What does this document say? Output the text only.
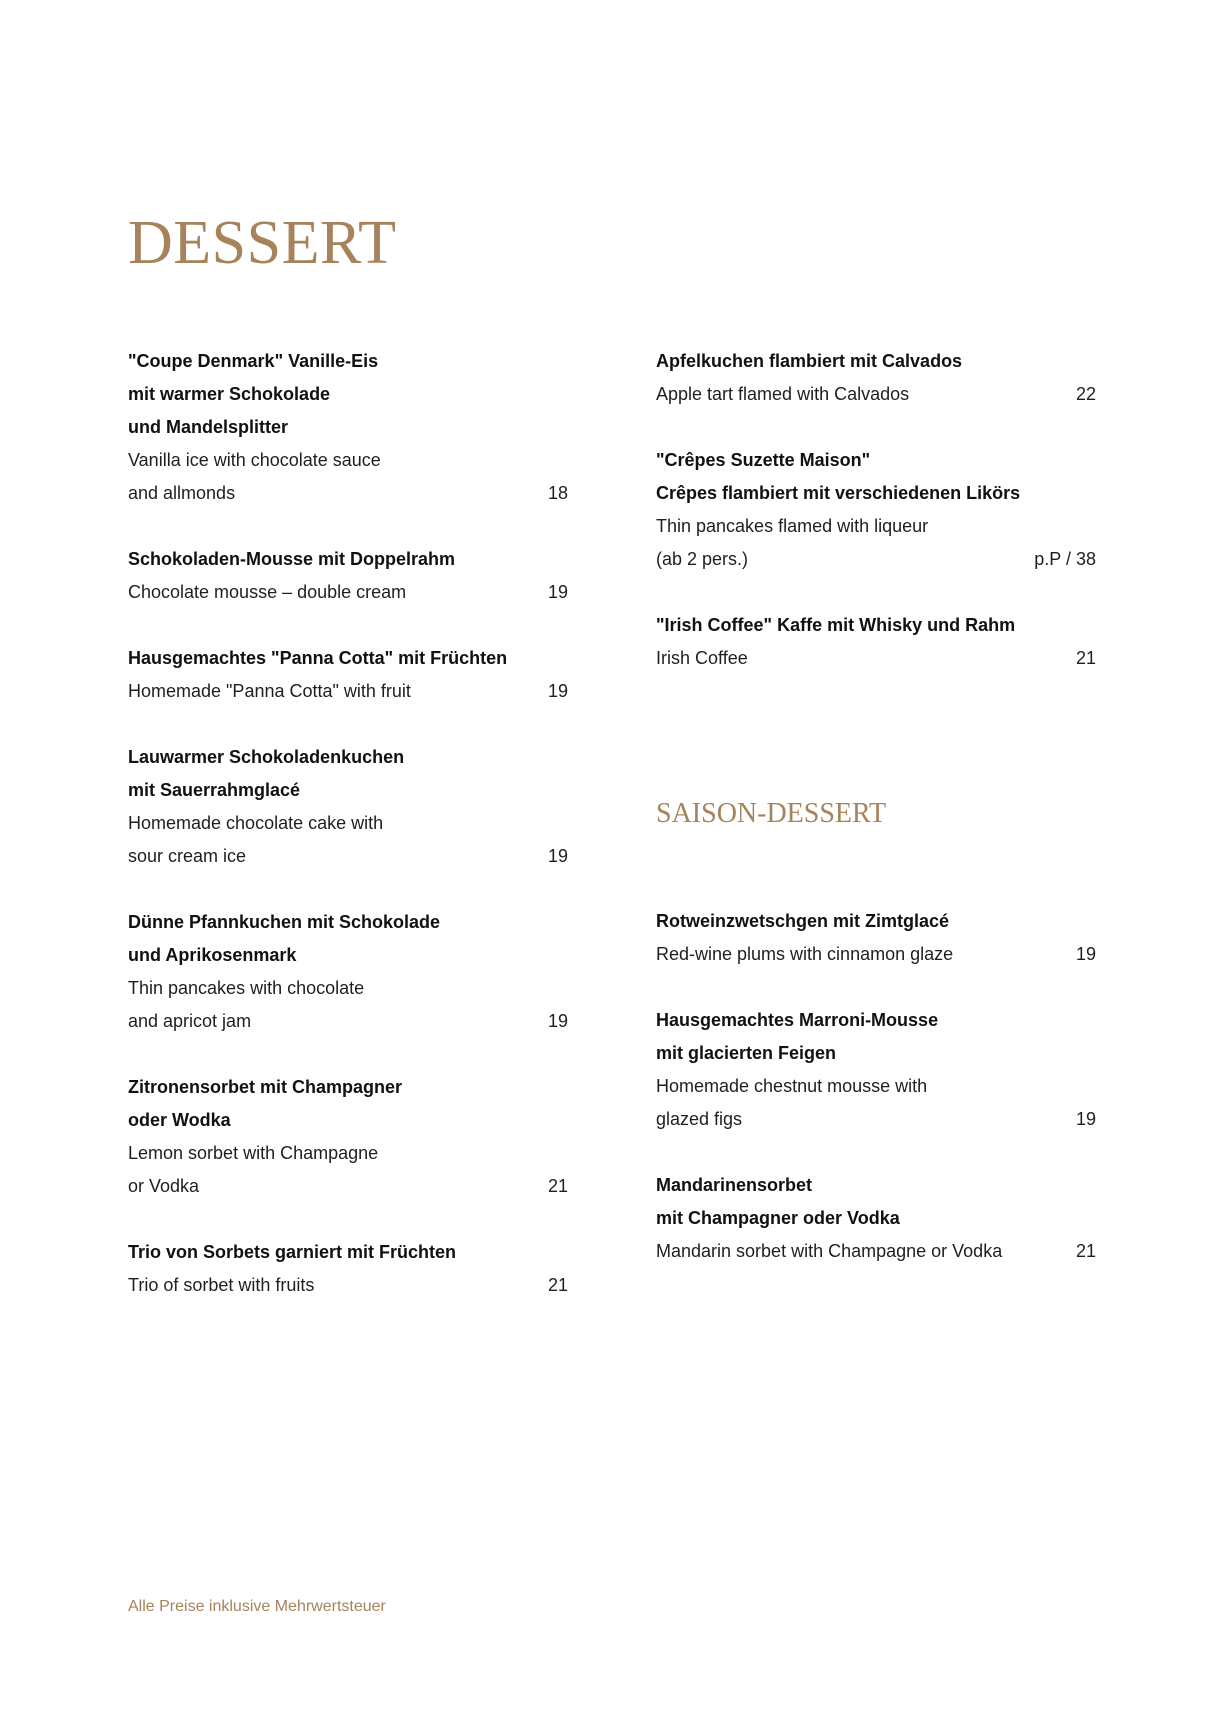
DESSERT
"Coupe Denmark" Vanille-Eis
mit warmer Schokolade
und Mandelsplitter
Vanilla ice with chocolate sauce
and allmonds	18
Schokoladen-Mousse mit Doppelrahm
Chocolate mousse – double cream	19
Hausgemachtes "Panna Cotta" mit Früchten
Homemade "Panna Cotta" with fruit	19
Lauwarmer Schokoladenkuchen
mit Sauerrahmglacé
Homemade chocolate cake with
sour cream ice	19
Dünne Pfannkuchen mit Schokolade
und Aprikosenmark
Thin pancakes with chocolate
and apricot jam	19
Zitronensorbet mit Champagner
oder Wodka
Lemon sorbet with Champagne
or Vodka	21
Trio von Sorbets garniert mit Früchten
Trio of sorbet with fruits	21
Apfelkuchen flambiert mit Calvados
Apple tart flamed with Calvados	22
"Crêpes Suzette Maison"
Crêpes flambiert mit verschiedenen Likörs
Thin pancakes flamed with liqueur
(ab 2 pers.)	p.P / 38
"Irish Coffee" Kaffe mit Whisky und Rahm
Irish Coffee	21
SAISON-DESSERT
Rotweinzwetschgen mit Zimtglacé
Red-wine plums with cinnamon glaze	19
Hausgemachtes Marroni-Mousse
mit glacierten Feigen
Homemade chestnut mousse with
glazed figs	19
Mandarinensorbet
mit Champagner oder Vodka
Mandarin sorbet with Champagne or Vodka	21
Alle Preise inklusive Mehrwertsteuer
